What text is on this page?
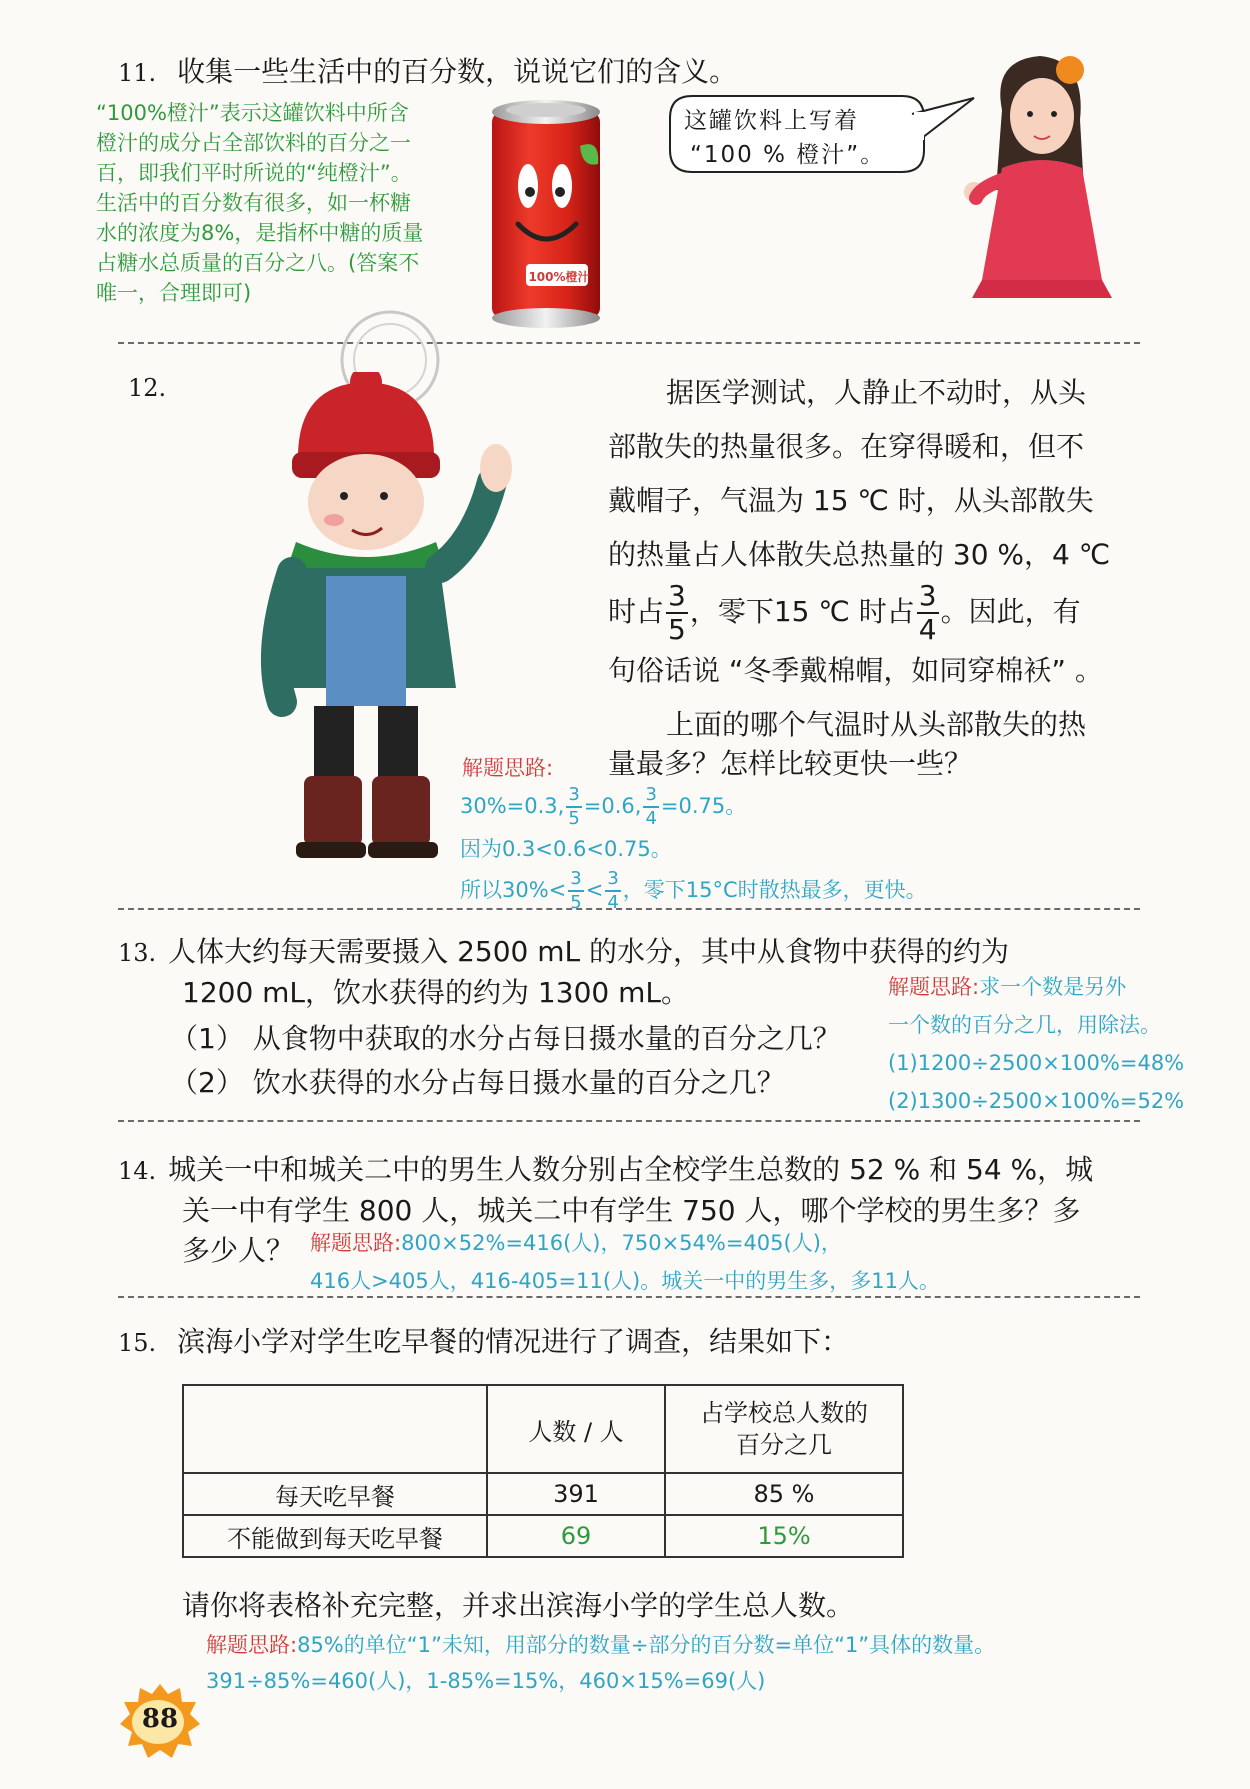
11. 收集一些生活中的百分数，说说它们的含义。
“100%橙汁”表示这罐饮料中所含
橙汁的成分占全部饮料的百分之一
百，即我们平时所说的“纯橙汁”。
生活中的百分数有很多，如一杯糖
水的浓度为8%，是指杯中糖的质量
占糖水总质量的百分之八。(答案不
唯一，合理即可)
100%橙汁
这罐饮料上写着
“100 % 橙汁”。
12.	据医学测试，人静止不动时，从头
部散失的热量很多。在穿得暖和，但不
戴帽子，气温为 15 ℃ 时，从头部散失
的热量占人体散失总热量的 30 %，4 ℃
时占 $\frac{3}{5}$ ，零下15 ℃ 时占 $\frac{3}{4}$ 。因此，有
句俗话说 “冬季戴棉帽，如同穿棉袄” 。
上面的哪个气温时从头部散失的热
解题思路: 量最多？怎样比较更快一些？
30%=0.3, $\frac{3}{5} =0.6$, $\frac{3}{4} =0.75$。
因为0.3<0.6<0.75。
所以$30\%< \frac{3}{5} < \frac{3}{4}$ ，零下15°C时散热最多，更快。
13. 人体大约每天需要摄入 2500 mL 的水分，其中从食物中获得的约为
1200 mL，饮水获得的约为 1300 mL。
（1） 从食物中获取的水分占每日摄水量的百分之几？
（2） 饮水获得的水分占每日摄水量的百分之几？
解题思路:求一个数是另外
一个数的百分之几，用除法。
(1)1200÷2500×100%=48%
(2)1300÷2500×100%=52%
14. 城关一中和城关二中的男生人数分别占全校学生总数的 52 % 和 54 %，城
关一中有学生 800 人，城关二中有学生 750 人，哪个学校的男生多？多
多少人？ 解题思路:800×52%=416(人)，750×54%=405(人)，
416人>405人，416-405=11(人)。城关一中的男生多，多11人。
15. 滨海小学对学生吃早餐的情况进行了调查，结果如下：
	人数 / 人	占学校总人数的
百分之几

每天吃早餐	391	85 %
不能做到每天吃早餐	69	15%
请你将表格补充完整，并求出滨海小学的学生总人数。
解题思路:85%的单位“1”未知，用部分的数量÷部分的百分数=单位“1”具体的数量。
391÷85%=460(人)，1-85%=15%，460×15%=69(人)
88
